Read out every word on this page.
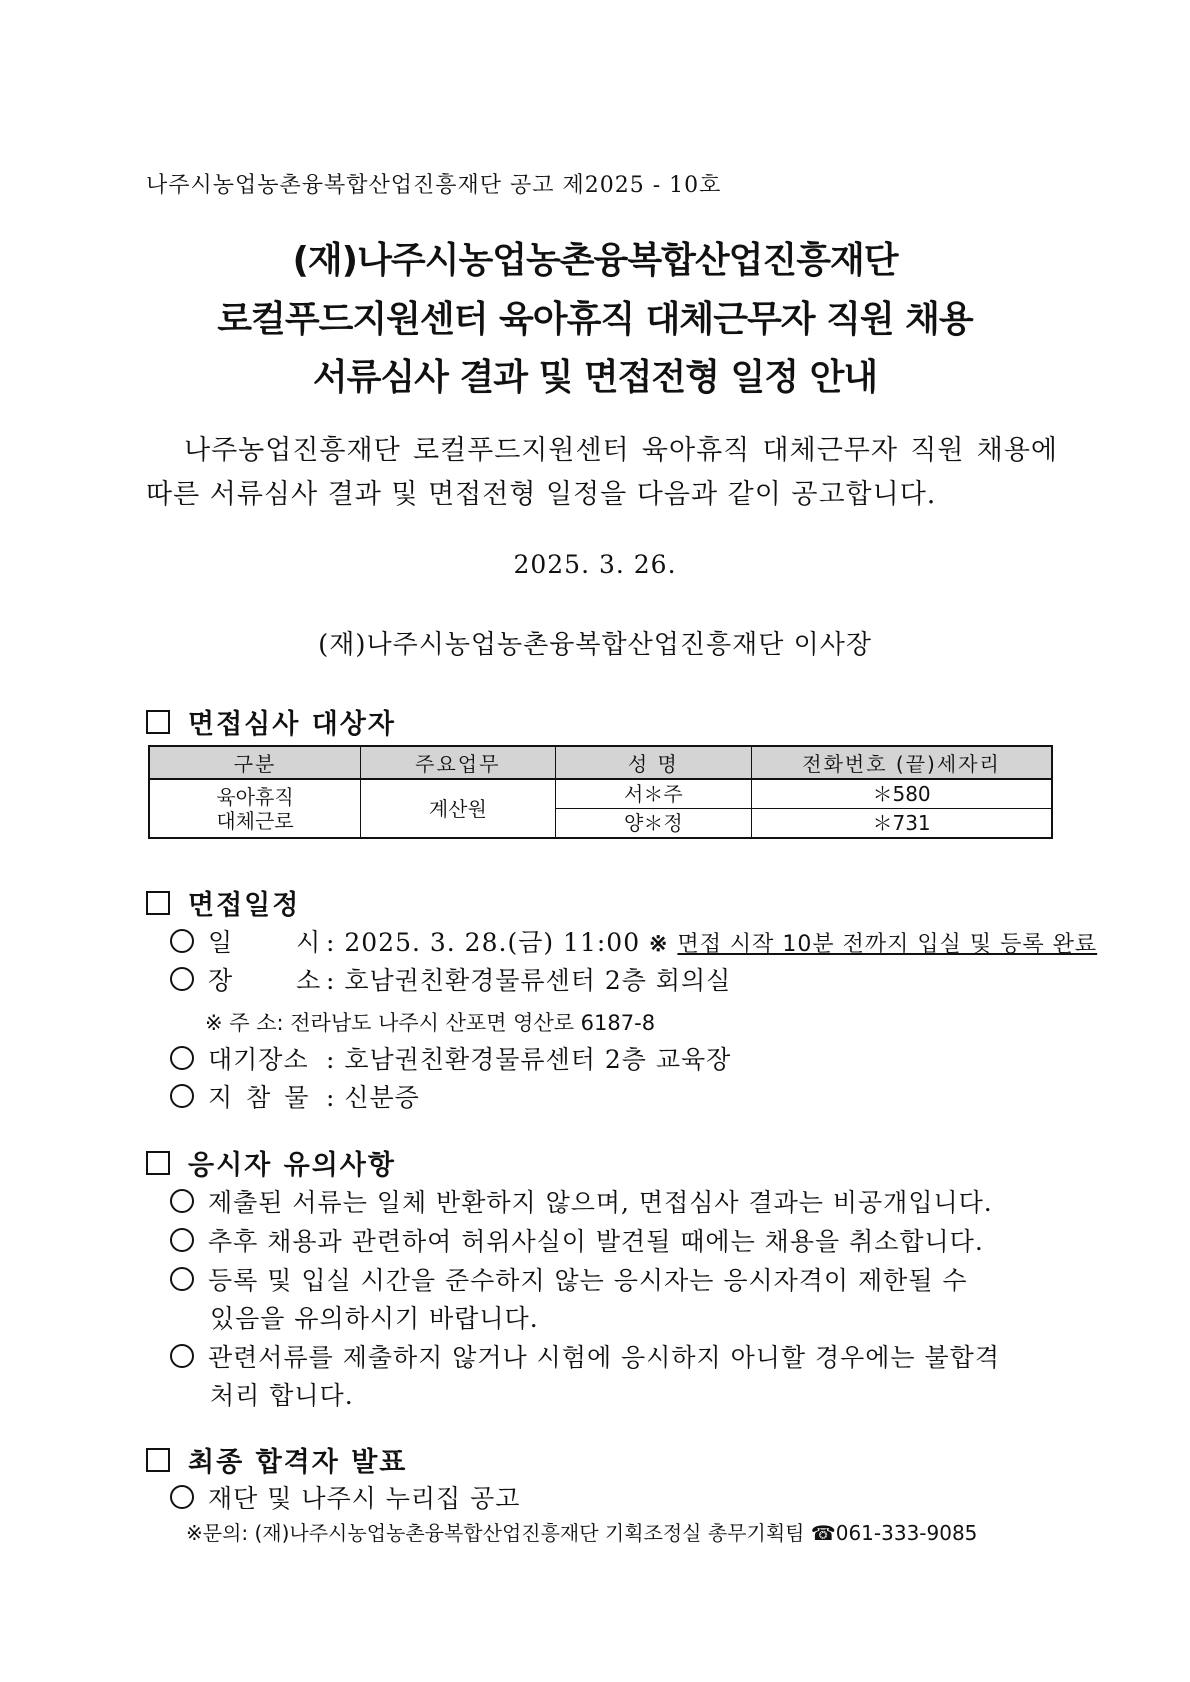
나주시농업농촌융복합산업진흥재단 공고 제2025 - 10호
(재)나주시농업농촌융복합산업진흥재단
로컬푸드지원센터 육아휴직 대체근무자 직원 채용
서류심사 결과 및 면접전형 일정 안내
나주농업진흥재단 로컬푸드지원센터 육아휴직 대체근무자 직원 채용에
따른 서류심사 결과 및 면접전형 일정을 다음과 같이 공고합니다.
2025. 3. 26.
(재)나주시농업농촌융복합산업진흥재단 이사장
면접심사 대상자
구분	주요업무	성 명	전화번호 (끝)세자리

육아휴직
대체근로	계산원	서＊주	＊580
		양＊정	＊731
면접일정
일 시: 2025. 3. 28.(금) 11:00 ※ 면접 시작 10분 전까지 입실 및 등록 완료
장 소: 호남권친환경물류센터 2층 회의실
※ 주 소: 전라남도 나주시 산포면 영산로 6187-8
대기장소 : 호남권친환경물류센터 2층 교육장
지 참 물 : 신분증
응시자 유의사항
제출된 서류는 일체 반환하지 않으며, 면접심사 결과는 비공개입니다.
추후 채용과 관련하여 허위사실이 발견될 때에는 채용을 취소합니다.
등록 및 입실 시간을 준수하지 않는 응시자는 응시자격이 제한될 수
있음을 유의하시기 바랍니다.
관련서류를 제출하지 않거나 시험에 응시하지 아니할 경우에는 불합격
처리 합니다.
최종 합격자 발표
재단 및 나주시 누리집 공고
※문의: (재)나주시농업농촌융복합산업진흥재단 기획조정실 총무기획팀 ☎061-333-9085
